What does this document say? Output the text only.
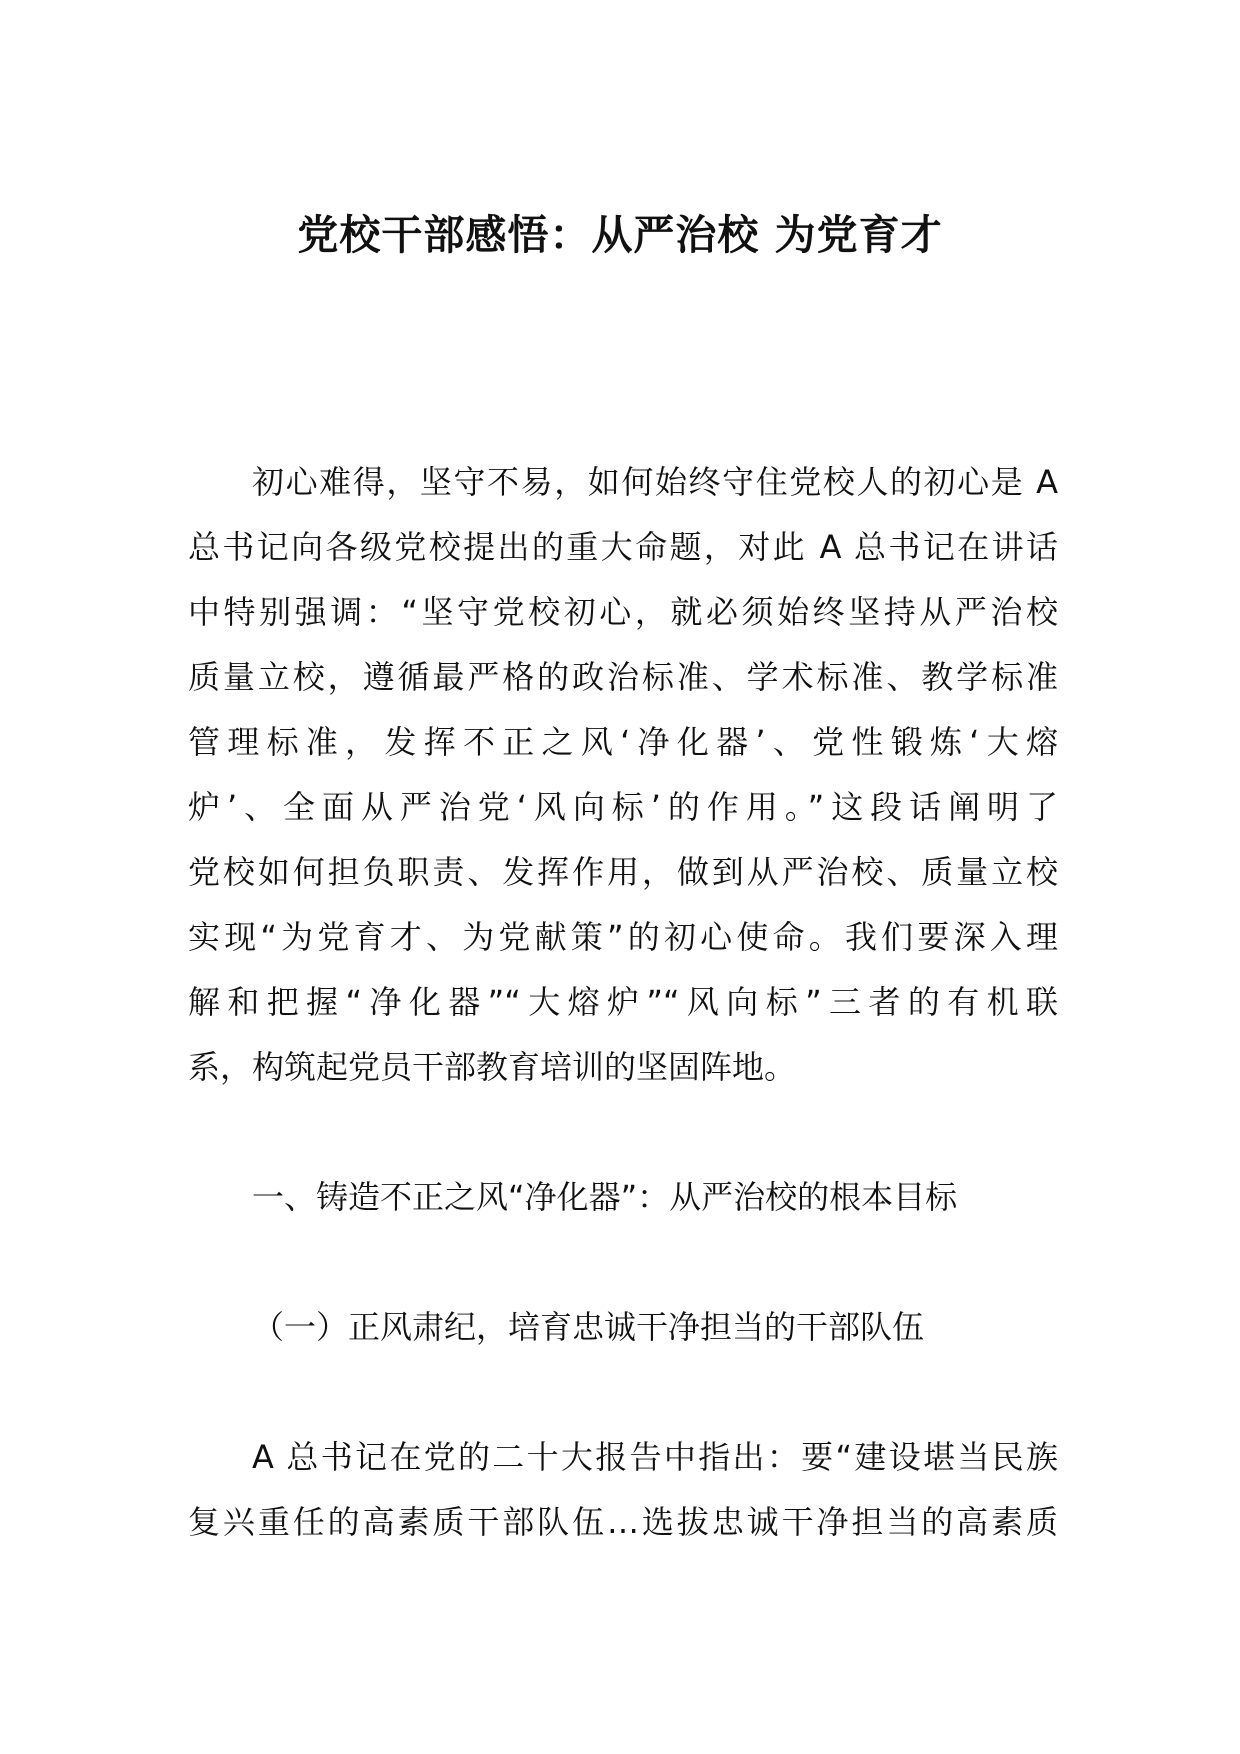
党校干部感悟：从严治校 为党育才
初心难得，坚守不易，如何始终守住党校人的初心是 A
总书记向各级党校提出的重大命题，对此 A 总书记在讲话
中特别强调：“坚守党校初心，就必须始终坚持从严治校
质量立校，遵循最严格的政治标准、学术标准、教学标准
管理标准，发挥不正之风‘净化器’、党性锻炼‘大熔
炉’、全面从严治党‘风向标’的作用。”这段话阐明了
党校如何担负职责、发挥作用，做到从严治校、质量立校
实现“为党育才、为党献策”的初心使命。我们要深入理
解和把握“净化器”“大熔炉”“风向标”三者的有机联
系，构筑起党员干部教育培训的坚固阵地。
一、铸造不正之风“净化器”：从严治校的根本目标
（一）正风肃纪，培育忠诚干净担当的干部队伍
A 总书记在党的二十大报告中指出：要“建设堪当民族
复兴重任的高素质干部队伍…选拔忠诚干净担当的高素质
